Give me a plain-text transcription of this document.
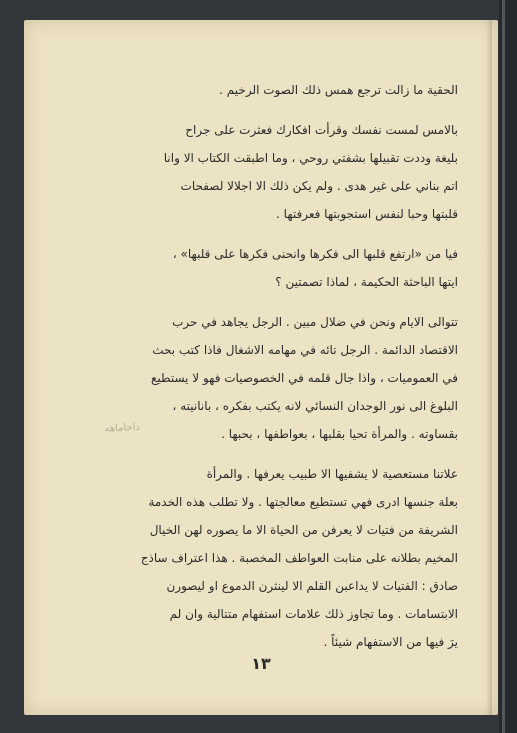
الحقية ما زالت ترجع همس ذلك الصوت الرخيم .
بالامس لمست نفسك وقرأت افكارك فعثرت على جراح
بليغة وددت تقبيلها بشفتي روحي ، وما اطبقت الكتاب الا وانا
اتم بناني على غير هدى . ولم يكن ذلك الا اجلالا لصفحات
قلبتها وحبا لنفس استجوبتها فعرفتها .
فيا من «ارتفع قلبها الى فكرها وانحنى فكرها على قلبها» ،
ايتها الباحثة الحكيمة ، لماذا تصمتين ؟
تتوالى الايام ونحن في ضلال مبين . الرجل يجاهد في حرب
الاقتصاد الدائمة . الرجل تائه في مهامه الاشغال فاذا كتب بحث
في العموميات ، واذا جال قلمه في الخصوصيات فهو لا يستطيع
البلوغ الى نور الوجدان النسائي لانه يكتب بفكره ، بانانيته ،
بقساوته . والمرأة تحيا بقلبها ، بعواطفها ، بحبها .
علاتنا مستعصية لا يشفيها الا طبيب يعرفها . والمرأة
بعلة جنسها ادرى فهي تستطيع معالجتها . ولا تطلب هذه الخدمة
الشريفة من فتيات لا يعرفن من الحياة الا ما يصوره لهن الخيال
المخيم بطلانه على منابت العواطف المخصبة . هذا اعتراف ساذج
صادق : الفتيات لا يداعبن القلم الا لينثرن الدموع او ليصورن
الابتسامات . وما تجاوز ذلك علامات استفهام متتالية وان لم
يرَ فيها من الاستفهام شيئاً .
داحاماهه
١٣
